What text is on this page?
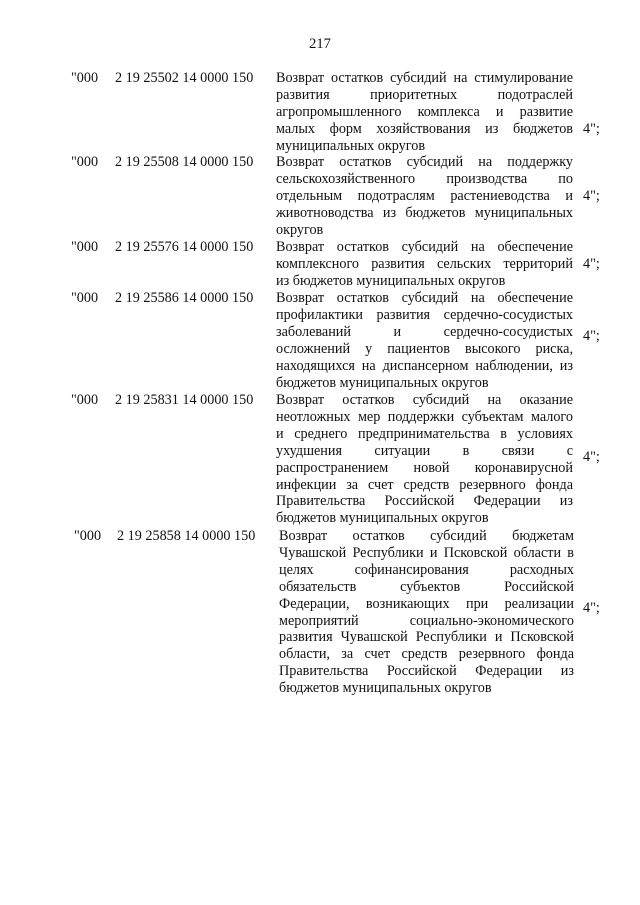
217
"000 2 19 25502 14 0000 150 Возврат остатков субсидий на стимулирование
развития приоритетных подотраслей
агропромышленного комплекса и развитие
малых форм хозяйствования из бюджетов
муниципальных округов
4";
"000 2 19 25508 14 0000 150 Возврат остатков субсидий на поддержку
сельскохозяйственного производства по
отдельным подотраслям растениеводства и
животноводства из бюджетов муниципальных
округов
4";
"000 2 19 25576 14 0000 150 Возврат остатков субсидий на обеспечение
комплексного развития сельских территорий
из бюджетов муниципальных округов
4";
"000 2 19 25586 14 0000 150 Возврат остатков субсидий на обеспечение
профилактики развития сердечно-сосудистых
заболеваний и сердечно-сосудистых
осложнений у пациентов высокого риска,
находящихся на диспансерном наблюдении, из
бюджетов муниципальных округов
4";
"000 2 19 25831 14 0000 150 Возврат остатков субсидий на оказание
неотложных мер поддержки субъектам малого
и среднего предпринимательства в условиях
ухудшения ситуации в связи с
распространением новой коронавирусной
инфекции за счет средств резервного фонда
Правительства Российской Федерации из
бюджетов муниципальных округов
4";
"000 2 19 25858 14 0000 150 Возврат остатков субсидий бюджетам
Чувашской Республики и Псковской области в
целях софинансирования расходных
обязательств субъектов Российской
Федерации, возникающих при реализации
мероприятий социально-экономического
развития Чувашской Республики и Псковской
области, за счет средств резервного фонда
Правительства Российской Федерации из
бюджетов муниципальных округов
4";
